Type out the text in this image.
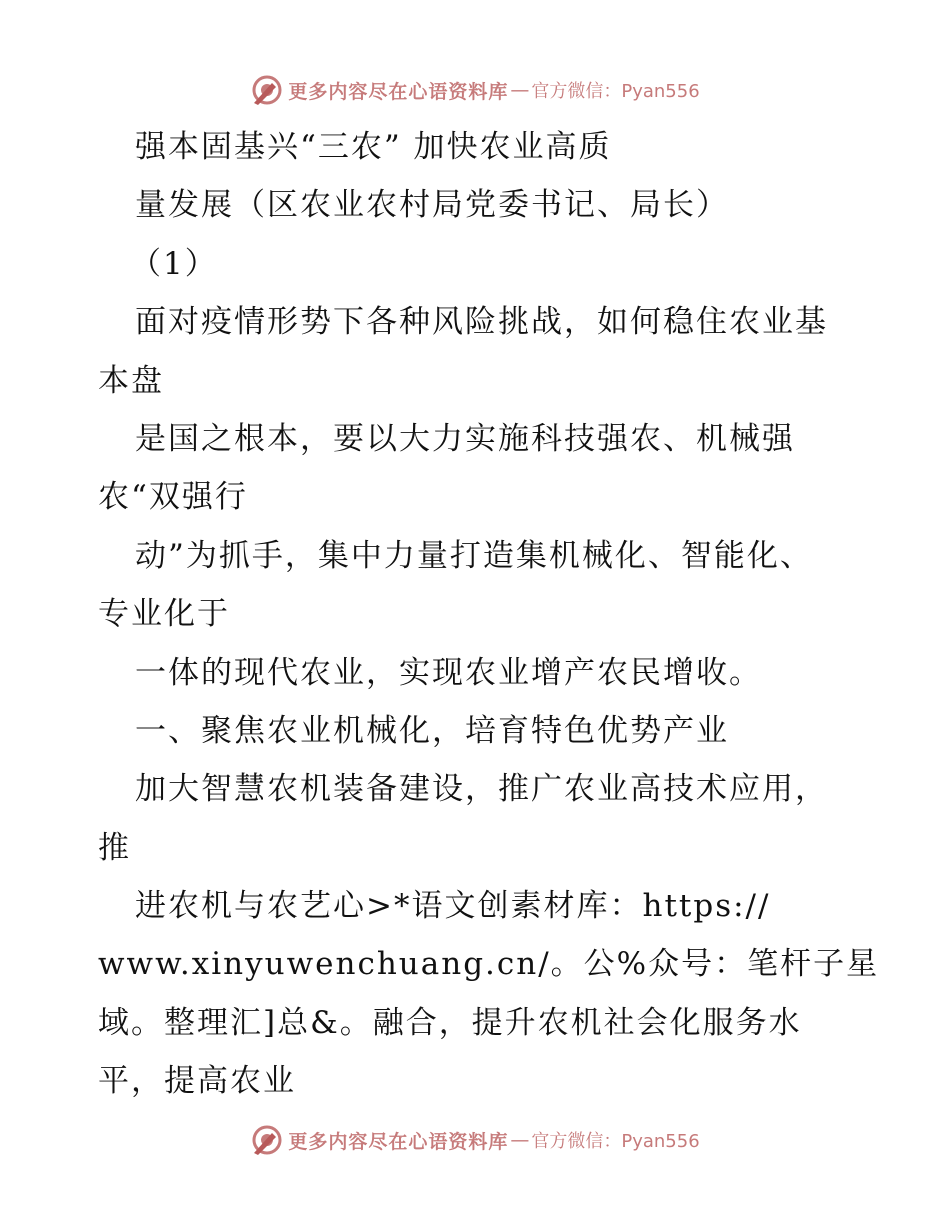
更多内容尽在心语资料库 — 官方微信：Pyan556
强本固基兴“三农” 加快农业高质
量发展（区农业农村局党委书记、局长）
（1）
面对疫情形势下各种风险挑战，如何稳住农业基
本盘
是国之根本，要以大力实施科技强农、机械强
农“双强行
动”为抓手，集中力量打造集机械化、智能化、
专业化于
一体的现代农业，实现农业增产农民增收。
一、聚焦农业机械化，培育特色优势产业
加大智慧农机装备建设，推广农业高技术应用，
推
进农机与农艺心>*语文创素材库：https://
www.xinyuwenchuang.cn/。公%众号：笔杆子星
域。整理汇]总&。融合，提升农机社会化服务水
平，提高农业
更多内容尽在心语资料库 — 官方微信：Pyan556
